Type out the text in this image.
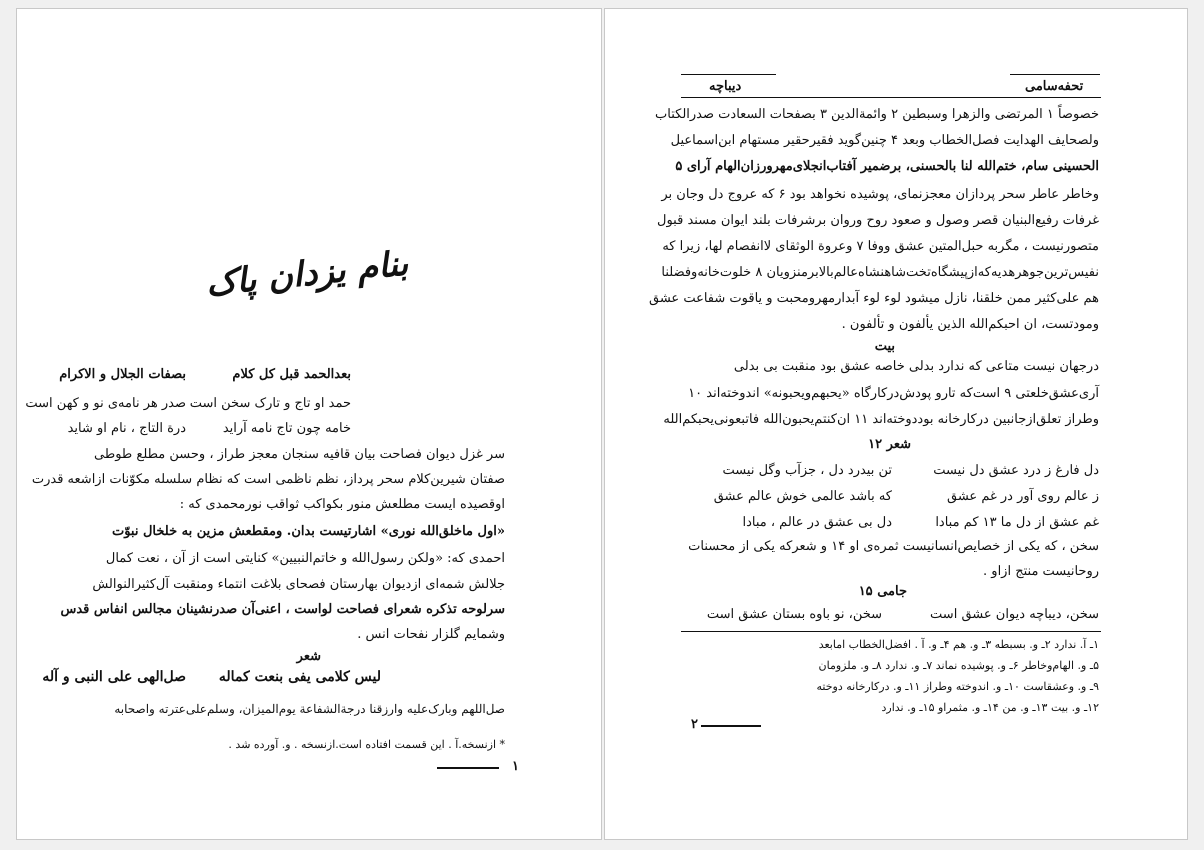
بنام یزدان پاک
بعدالحمد قبل کل کلام
حمد او تاج و تارک سخن است
خامه چون تاج نامه آراید
بصفات الجلال و الاکرام
صدر هر نامه‌ی نو و کهن است
درة التاج ، نام او شاید
سر غزل دیوان فصاحت بیان قافیه سنجان معجز طراز ، وحسن مطلع طوطی
صفتان شیرین‌کلام سحر پرداز، نظم ناظمی است که نظام سلسله مکوّنات ازاشعه قدرت
اوقصیده ایست مطلعش منور بکواکب ثواقب نورمحمدی که :
«اول ماخلق‌الله نوری» اشارتیست بدان. ومقطعش مزین به خلخال نبوّت
احمدی که: «ولکن رسول‌الله و خاتم‌النبیین» کنایتی است از آن ، نعت کمال
جلالش شمه‌ای ازدیوان بهارستان فصحای بلاغت انتماء ومنقبت آل‌کثیرالنوالش
سرلوحه تذکره شعرای فصاحت لواست ، اعنی‌آن صدرنشینان مجالس انفاس قدس
وشمایم گلزار نفحات انس .
شعر
لیس کلامی یفی بنعت کماله
صل‌الهی علی النبی و آله
صل‌اللهم وبارک‌علیه وارزقنا درجة‌الشفاعة یوم‌المیزان، وسلم‌علی‌عترته واصحابه
* ازنسخه.آ . این قسمت افتاده است.ازنسخه . و. آورده شد .
۱
دیباچه	تحفه‌سامی
خصوصاً ۱ المرتضی والزهرا وسبطین ۲ وائمة‌الدین ۳ بصفحات السعادت صدرالکتاب
ولصحایف الهدایت فصل‌الخطاب وبعد ۴ چنین‌گوید فقیرحقیر مستهام ابن‌اسماعیل
الحسینی سام، ختم‌الله لنا بالحسنی، برضمیر آفتاب‌انجلای‌مهرورزان‌الهام آرای ۵
وخاطر عاطر سحر پردازان معجزنمای، پوشیده نخواهد بود ۶ که عروج دل وجان بر
غرفات رفیع‌البنیان قصر وصول و صعود روح وروان برشرفات بلند ایوان مسند قبول
متصورنیست ، مگربه حبل‌المتین عشق ووفا ۷ وعروة الوثقای لاانفصام لها، زیرا که
نفیس‌ترین‌جوهرهدیه‌که‌ازپیشگاه‌تخت‌شاهنشاه‌عالم‌بالابرمنزویان ۸ خلوت‌خانه‌وفضلنا
هم علی‌کثیر ممن خلقنا، نازل میشود لوء لوء آبدارمهرومحبت و یاقوت شفاعت عشق
ومودتست، ان احبکم‌الله الذین یألفون و تألفون .
بیت
درجهان نیست متاعی که ندارد بدلی خاصه عشق بود منقبت بی بدلی
آری‌عشق‌خلعتی ۹ است‌که‌ تارو پودش‌درکارگاه «یحبهم‌ویحبونه» اندوخته‌اند ۱۰
وطراز تعلق‌ازجانبین درکارخانه بوددوخته‌اند ۱۱ ان‌کنتم‌یحبون‌الله فاتبعونی‌یحبکم‌الله
شعر ۱۲
دل فارغ ز درد عشق دل نیست
تن بیدرد دل ، جزآب وگل نیست
ز عالم روی آور در غم عشق
که باشد عالمی خوش عالم عشق
غم عشق از دل ما ۱۳ کم مبادا
دل بی عشق در عالم ، مبادا
سخن ، که یکی از خصایص‌انسانیست ثمره‌ی او ۱۴ و شعر‌که یکی از محسنات
روحانیست منتج ازاو .
جامی ۱۵
سخن، دیباچه دیوان عشق است
سخن، نو باوه بستان عشق است
۱ـ آ. ندارد ۲ـ و. بسبطه ۳ـ و. هم ۴ـ و. آ . افضل‌الخطاب امابعد
۵ـ و. الهام‌وخاطر ۶ـ و. پوشیده نماند ۷ـ و. ندارد ۸ـ و. ملزومان
۹ـ و. وعشقاست ۱۰ـ و. اندوخته وطراز ۱۱ـ و. درکارخانه دوخته
۱۲ـ و. بیت ۱۳ـ و. من ۱۴ـ و. مثمراو ۱۵ـ و. ندارد
۲
